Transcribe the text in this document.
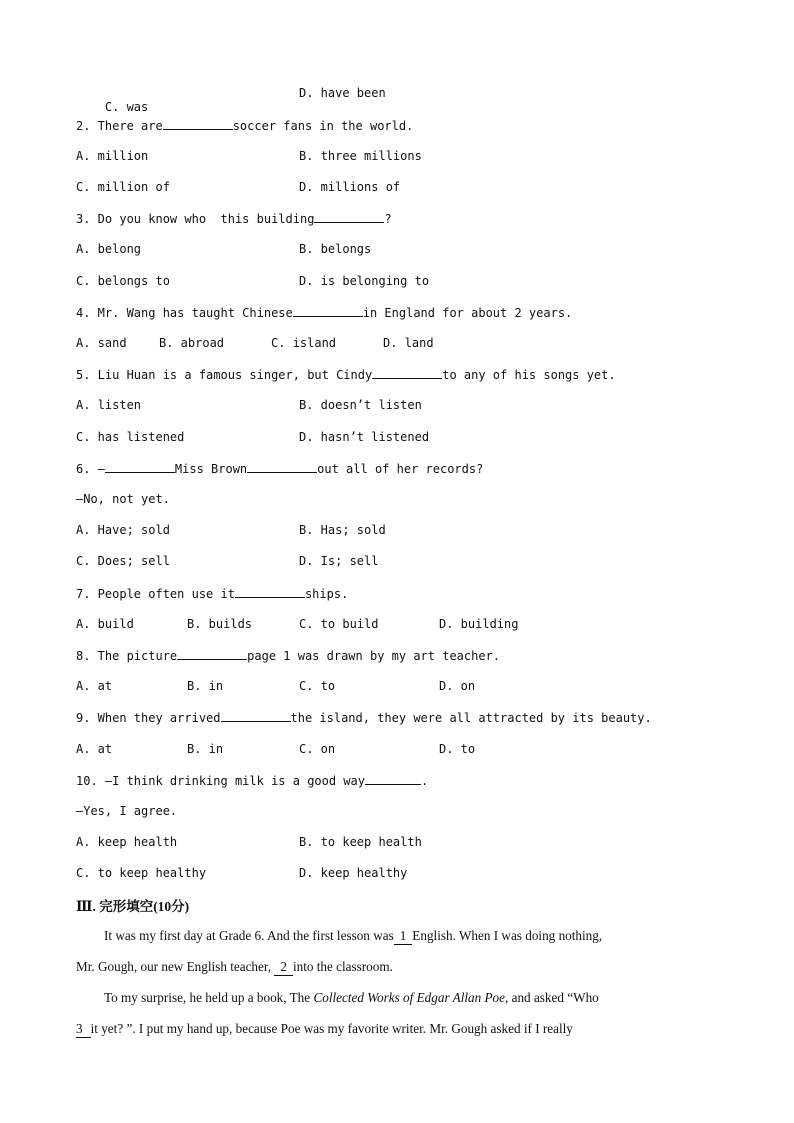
C. was

D. have been
2. There are	soccer fans in the world.
A. million	B. three millions
C. million of	D. millions of
3. Do you know who  this building	?
A. belong	B. belongs
C. belongs to	D. is belonging to
4. Mr. Wang has taught Chinese	in England for about 2 years.
A. sand	B. abroad	C. island	D. land
5. Liu Huan is a famous singer, but Cindy	to any of his songs yet.
A. listen	B. doesn’t listen
C. has listened	D. hasn’t listened
6. —	Miss Brown	out all of her records?
—No, not yet.
A. Have; sold	B. Has; sold
C. Does; sell	D. Is; sell
7. People often use it	ships.
A. build	B. builds	C. to build	D. building
8. The picture	page 1 was drawn by my art teacher.
A. at	B. in	C. to	D. on
9. When they arrived	the island, they were all attracted by its beauty.
A. at	B. in	C. on	D. to
10. —I think drinking milk is a good way	.
—Yes, I agree.
A. keep health	B. to keep health
C. to keep healthy	D. keep healthy
Ⅲ. 完形填空(10分)
It was my first day at Grade 6. And the first lesson was 1 English. When I was doing nothing,
Mr. Gough, our new English teacher, 2 into the classroom.
To my surprise, he held up a book, The Collected Works of Edgar Allan Poe, and asked “Who
3 it yet? ”. I put my hand up, because Poe was my favorite writer. Mr. Gough asked if I really
